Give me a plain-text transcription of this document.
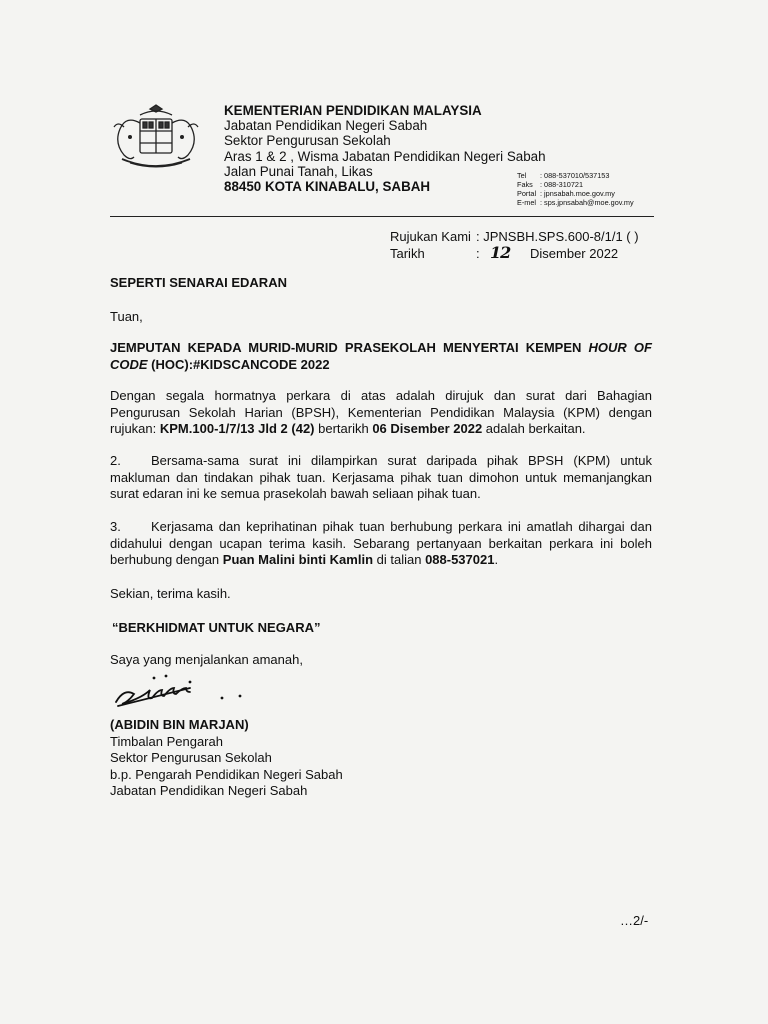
KEMENTERIAN PENDIDIKAN MALAYSIA
Jabatan Pendidikan Negeri Sabah
Sektor Pengurusan Sekolah
Aras 1 & 2 , Wisma Jabatan Pendidikan Negeri Sabah
Jalan Punai Tanah, Likas
88450 KOTA KINABALU, SABAH
Tel : 088-537010/537153
Faks : 088-310721
Portal : jpnsabah.moe.gov.my
E-mel : sps.jpnsabah@moe.gov.my
Rujukan Kami : JPNSBH.SPS.600-8/1/1 ( )
Tarikh	: 12 Disember 2022
SEPERTI SENARAI EDARAN
Tuan,
JEMPUTAN KEPADA MURID-MURID PRASEKOLAH MENYERTAI KEMPEN HOUR OF CODE (HOC):#KIDSCANCODE 2022
Dengan segala hormatnya perkara di atas adalah dirujuk dan surat dari Bahagian Pengurusan Sekolah Harian (BPSH), Kementerian Pendidikan Malaysia (KPM) dengan rujukan: KPM.100-1/7/13 Jld 2 (42) bertarikh 06 Disember 2022 adalah berkaitan.
2. Bersama-sama surat ini dilampirkan surat daripada pihak BPSH (KPM) untuk makluman dan tindakan pihak tuan. Kerjasama pihak tuan dimohon untuk memanjangkan surat edaran ini ke semua prasekolah bawah seliaan pihak tuan.
3. Kerjasama dan keprihatinan pihak tuan berhubung perkara ini amatlah dihargai dan didahului dengan ucapan terima kasih. Sebarang pertanyaan berkaitan perkara ini boleh berhubung dengan Puan Malini binti Kamlin di talian 088-537021.
Sekian, terima kasih.
“BERKHIDMAT UNTUK NEGARA”
Saya yang menjalankan amanah,
(ABIDIN BIN MARJAN)
Timbalan Pengarah
Sektor Pengurusan Sekolah
b.p. Pengarah Pendidikan Negeri Sabah
Jabatan Pendidikan Negeri Sabah
…2/-
